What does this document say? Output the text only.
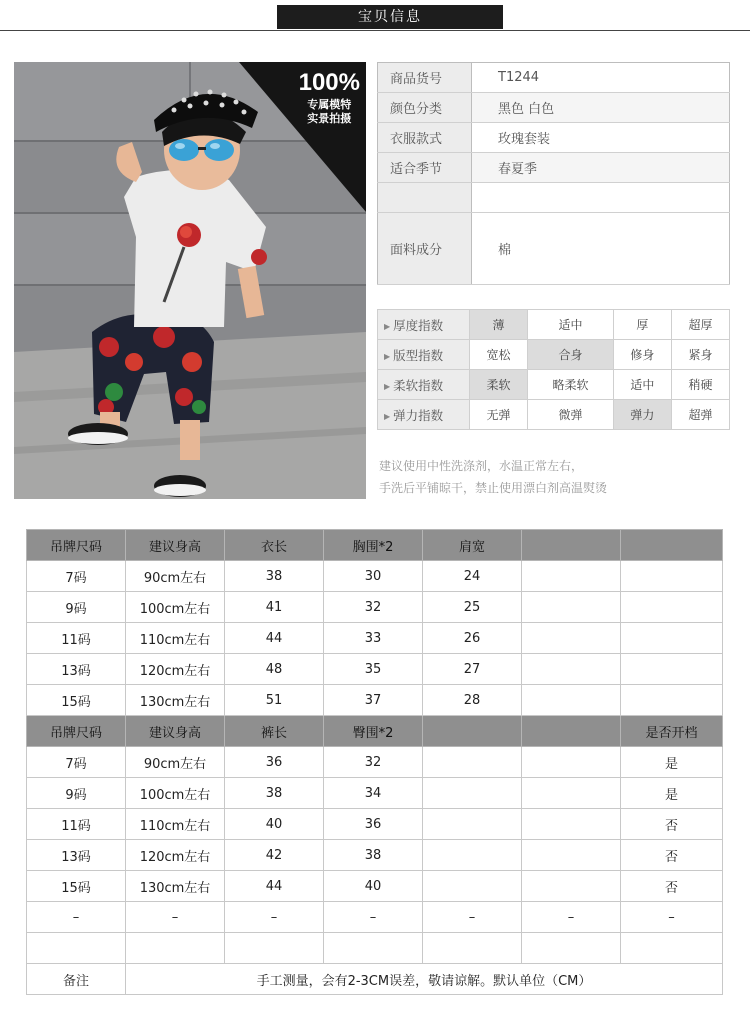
宝贝信息
100%
专属模特
实景拍摄
商品货号	T1244
颜色分类	黑色 白色
衣服款式	玫瑰套装
适合季节	春夏季

面料成分	棉
▶ 厚度指数	薄	适中	厚	超厚
▶ 版型指数	宽松	合身	修身	紧身
▶ 柔软指数	柔软	略柔软	适中	稍硬
▶ 弹力指数	无弹	微弹	弹力	超弹
建议使用中性洗涤剂，水温正常左右，
手洗后平铺晾干，禁止使用漂白剂高温熨烫
吊牌尺码	建议身高	衣长	胸围*2	肩宽		
7码	90cm左右	38	30	24		
9码	100cm左右	41	32	25		
11码	110cm左右	44	33	26		
13码	120cm左右	48	35	27		
15码	130cm左右	51	37	28		
吊牌尺码	建议身高	裤长	臀围*2			是否开档
7码	90cm左右	36	32			是
9码	100cm左右	38	34			是
11码	110cm左右	40	36			否
13码	120cm左右	42	38			否
15码	130cm左右	44	40			否
–	–	–	–	–	–	–

备注	手工测量，会有2-3CM误差，敬请谅解。默认单位（CM）					
